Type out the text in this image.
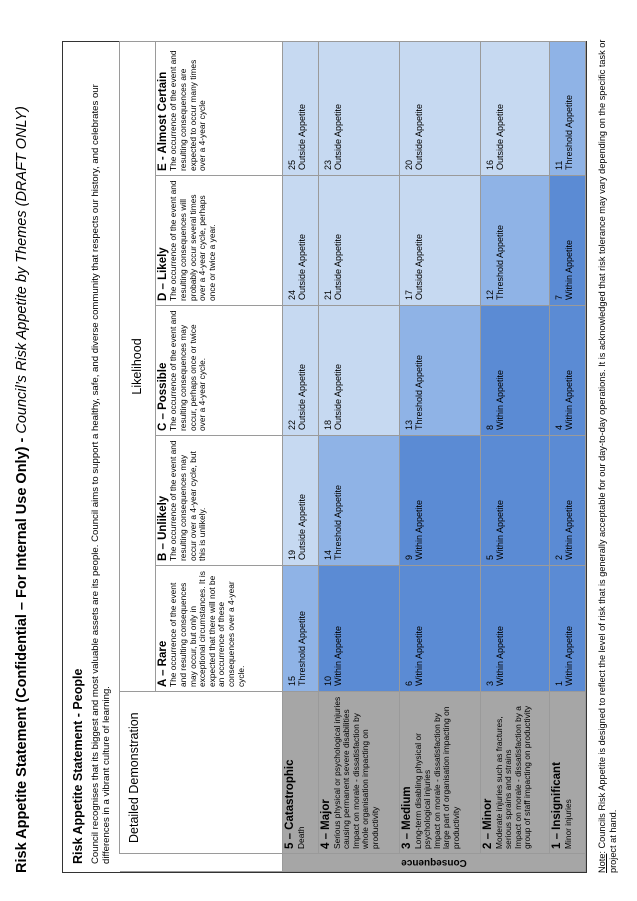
Risk Appetite Statement (Confidential – For Internal Use Only) - Council’s Risk Appetite by Themes (DRAFT ONLY)
Risk Appetite Statement - People Council recognises that its biggest and most valuable assets are its people. Council aims to support a healthy, safe, and diverse community that respects our history, and celebrates our differences in a vibrant culture of learning.
	Detailed Demonstration	Likelihood				

		A – Rare The occurrence of the event and resulting consequences may occur, but only in exceptional circumstances. It is expected that there will not be an occurrence of these consequences over a 4-year cycle.	B – Unlikely The occurrence of the event and resulting consequences may occur over a 4-year cycle, but this is unlikely.	C – Possible The occurrence of the event and resulting consequences may occur, perhaps once or twice over a 4-year cycle.	D – Likely The occurrence of the event and resulting consequences will probably occur several times over a 4-year cycle, perhaps once or twice a year.	E - Almost Certain The occurrence of the event and resulting consequences are expected to occur many times over a 4-year cycle

Consequence	5 – Catastrophic Death	15 Threshold Appetite	19 Outside Appetite	22 Outside Appetite	24 Outside Appetite	25 Outside Appetite

	4 – Major Serious physical or psychological injuries causing permanent severe disabilities
Impact on morale - dissatisfaction by whole organisation impacting on productivity	10 Within Appetite	14 Threshold Appetite	18 Outside Appetite	21 Outside Appetite	23 Outside Appetite

	3 – Medium Long-term disabling physical or psychological injuries
Impact on morale - dissatisfaction by large part of organisation impacting on productivity	6 Within Appetite	9 Within Appetite	13 Threshold Appetite	17 Outside Appetite	20 Outside Appetite

	2 – Minor Moderate injuries such as fractures, serious sprains and strains
Impact on morale - dissatisfaction by a group of staff impacting on productivity	3 Within Appetite	5 Within Appetite	8 Within Appetite	12 Threshold Appetite	16 Outside Appetite

	1 – Insignificant Minor injuries	1 Within Appetite	2 Within Appetite	4 Within Appetite	7 Within Appetite	11 Threshold Appetite
Note: Councils Risk Appetite is designed to reflect the level of risk that is generally acceptable for our day-to-day operations. It is acknowledged that risk tolerance may vary depending on the specific task or project at hand.
